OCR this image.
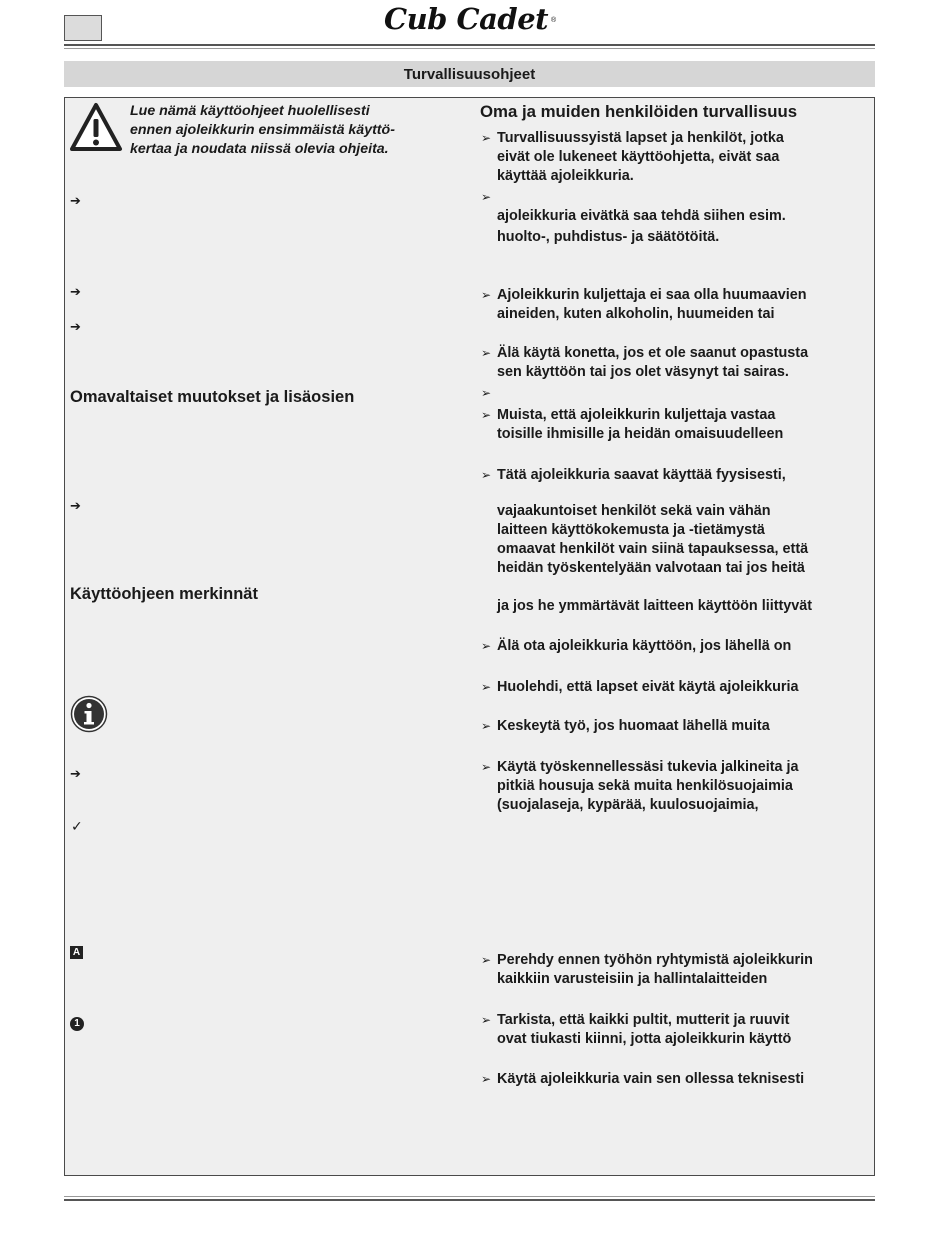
Cub Cadet ®
Turvallisuusohjeet
Lue nämä käyttöohjeet huolellisesti
ennen ajoleikkurin ensimmäistä käyttö-
kertaa ja noudata niissä olevia ohjeita.
➔
➔
➔
Omavaltaiset muutokset ja lisäosien
➔
Käyttöohjeen merkinnät
➔
✓
A
1
Oma ja muiden henkilöiden turvallisuus
➢ Turvallisuussyistä lapset ja henkilöt, jotka
eivät ole lukeneet käyttöohjetta, eivät saa
käyttää ajoleikkuria.
➢
ajoleikkuria eivätkä saa tehdä siihen esim.
huolto-, puhdistus- ja säätötöitä.
➢ Ajoleikkurin kuljettaja ei saa olla huumaavien
aineiden, kuten alkoholin, huumeiden tai
➢ Älä käytä konetta, jos et ole saanut opastusta
sen käyttöön tai jos olet väsynyt tai sairas.
➢
➢ Muista, että ajoleikkurin kuljettaja vastaa
toisille ihmisille ja heidän omaisuudelleen
➢ Tätä ajoleikkuria saavat käyttää fyysisesti,
vajaakuntoiset henkilöt sekä vain vähän
laitteen käyttökokemusta ja -tietämystä
omaavat henkilöt vain siinä tapauksessa, että
heidän työskentelyään valvotaan tai jos heitä
ja jos he ymmärtävät laitteen käyttöön liittyvät
➢ Älä ota ajoleikkuria käyttöön, jos lähellä on
➢ Huolehdi, että lapset eivät käytä ajoleikkuria
➢ Keskeytä työ, jos huomaat lähellä muita
➢ Käytä työskennellessäsi tukevia jalkineita ja
pitkiä housuja sekä muita henkilösuojaimia
(suojalaseja, kypärää, kuulosuojaimia,
➢ Perehdy ennen työhön ryhtymistä ajoleikkurin
kaikkiin varusteisiin ja hallintalaitteiden
➢ Tarkista, että kaikki pultit, mutterit ja ruuvit
ovat tiukasti kiinni, jotta ajoleikkurin käyttö
➢ Käytä ajoleikkuria vain sen ollessa teknisesti
